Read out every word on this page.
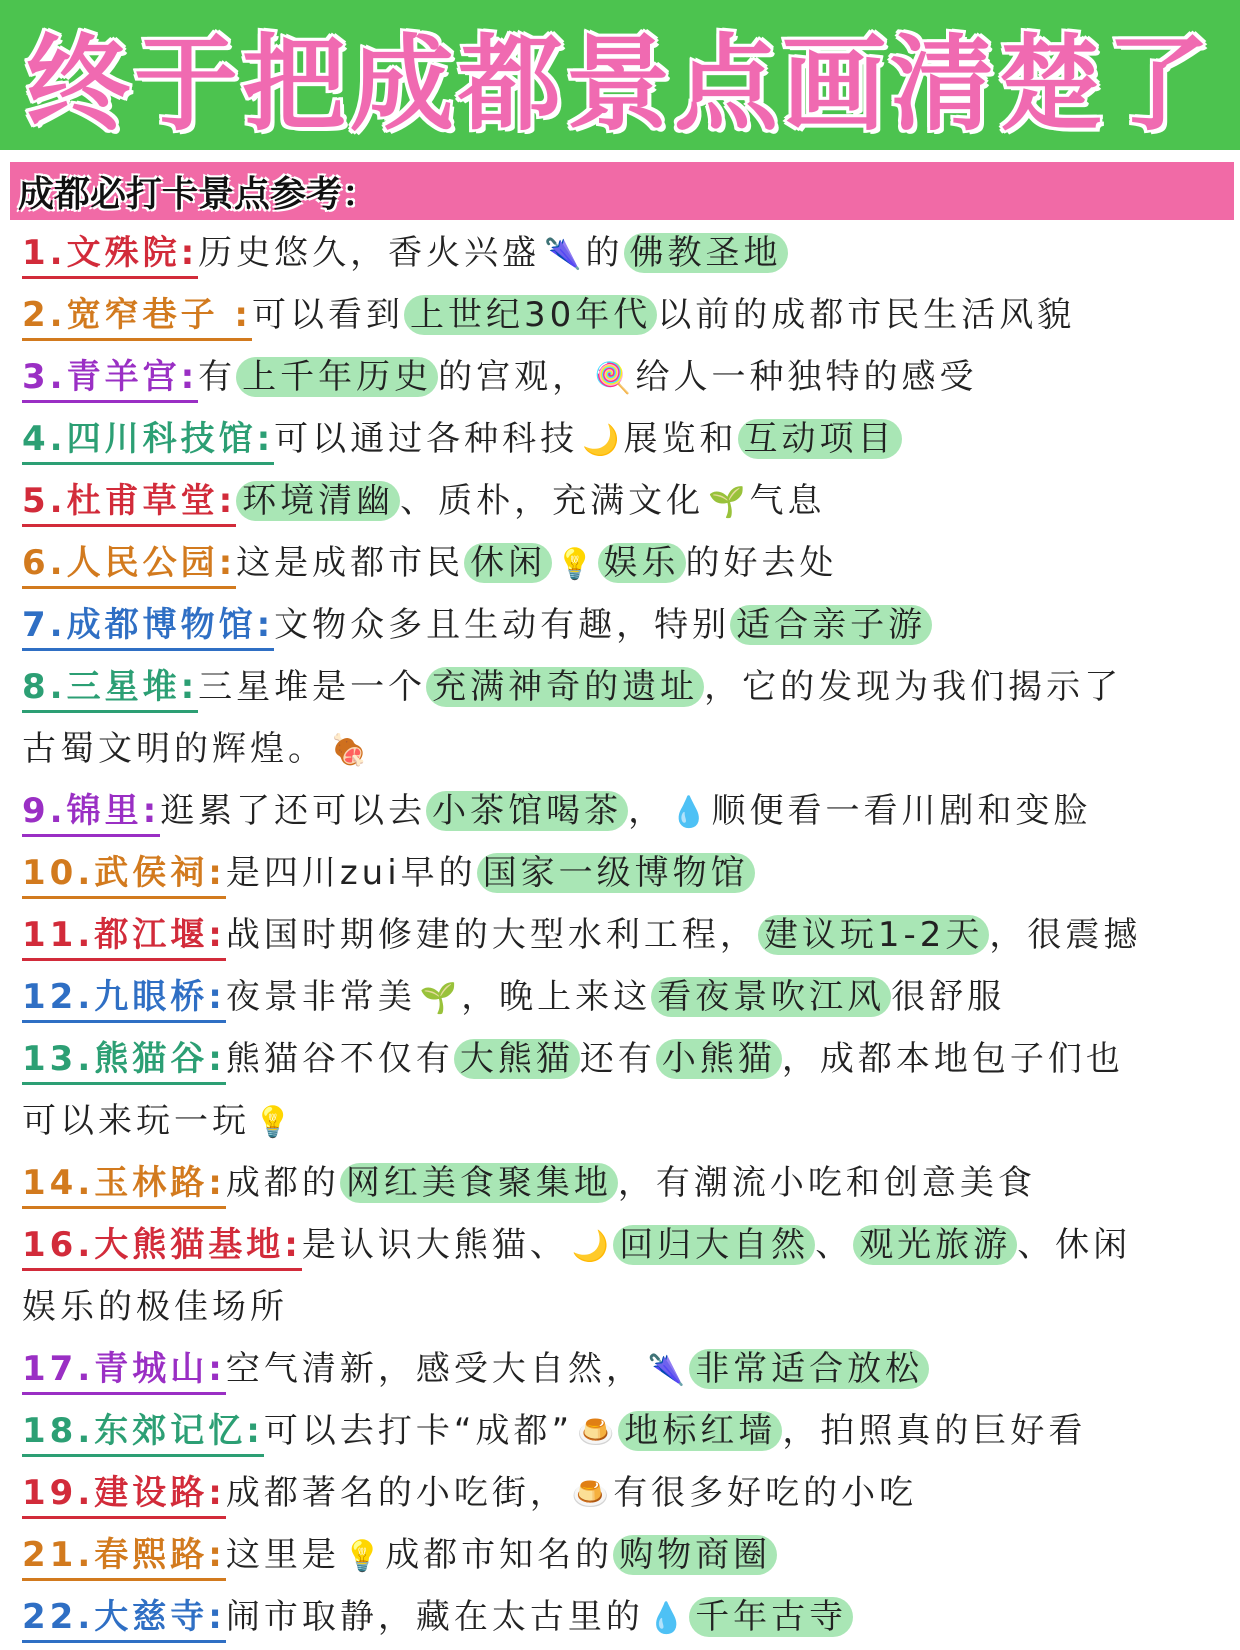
终于把成都景点画清楚了
成都必打卡景点参考：
1.文殊院:历史悠久，香火兴盛 🌂 的 佛教圣地
2.宽窄巷子 :可以看到 上世纪30年代 以前的成都市民生活风貌
3.青羊宫:有 上千年历史 的宫观， 🍭 给人一种独特的感受
4.四川科技馆:可以通过各种科技 🌙 展览和 互动项目
5.杜甫草堂: 环境清幽 、质朴，充满文化 🌱 气息
6.人民公园:这是成都市民 休闲 💡 娱乐 的好去处
7.成都博物馆:文物众多且生动有趣，特别 适合亲子游
8.三星堆:三星堆是一个 充满神奇的遗址 ，它的发现为我们揭示了
古蜀文明的辉煌。 🍖
9.锦里:逛累了还可以去 小茶馆喝茶 ， 💧 顺便看一看川剧和变脸
10.武侯祠:是四川zui早的 国家一级博物馆
11.都江堰:战国时期修建的大型水利工程， 建议玩1-2天 ，很震撼
12.九眼桥:夜景非常美 🌱 ，晚上来这 看夜景吹江风 很舒服
13.熊猫谷:熊猫谷不仅有 大熊猫 还有 小熊猫 ，成都本地包子们也
可以来玩一玩 💡
14.玉林路:成都的 网红美食聚集地 ，有潮流小吃和创意美食
16.大熊猫基地:是认识大熊猫、 🌙 回归大自然 、 观光旅游 、休闲
娱乐的极佳场所
17.青城山:空气清新，感受大自然， 🌂 非常适合放松
18.东郊记忆:可以去打卡“成都” 🍮 地标红墙 ，拍照真的巨好看
19.建设路:成都著名的小吃街， 🍮 有很多好吃的小吃
21.春熙路:这里是 💡 成都市知名的 购物商圈
22.大慈寺:闹市取静，藏在太古里的 💧 千年古寺
